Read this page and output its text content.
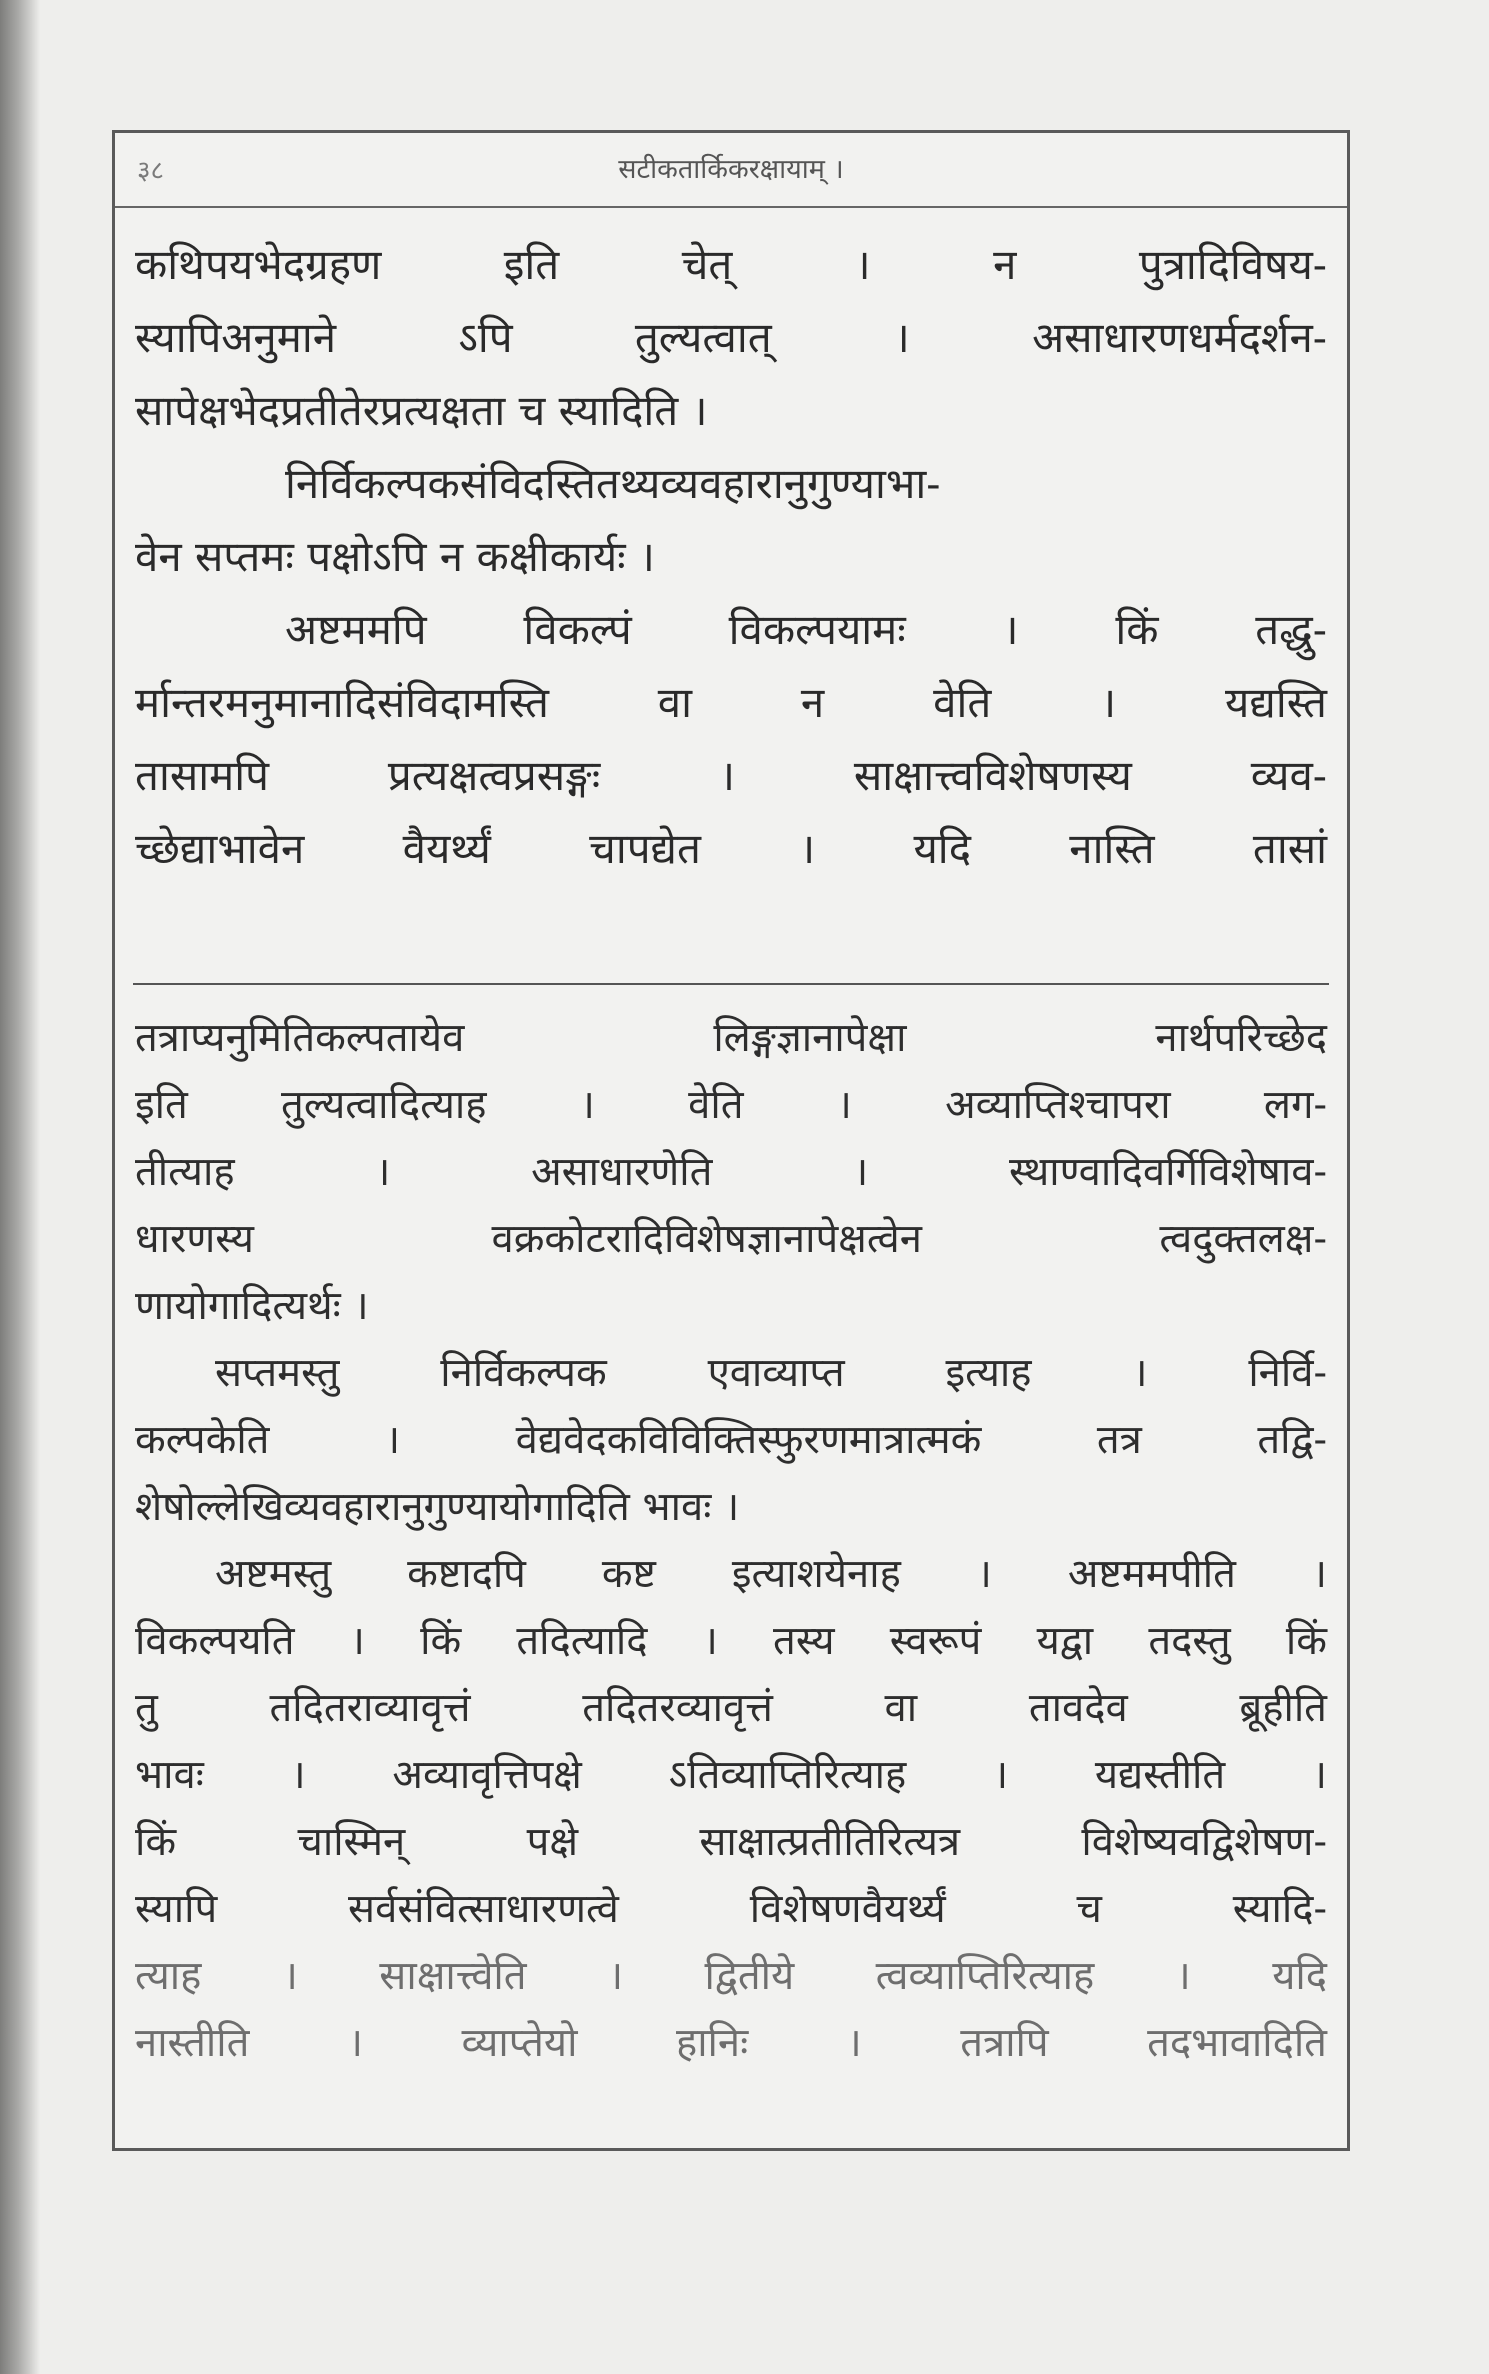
३८	सटीकतार्किकरक्षायाम् ।

कथिपयभेदग्रहण इति चेत् । न पुत्रादिविषय-

स्यापिअनुमाने ऽपि तुल्यत्वात् । असाधारणधर्मदर्शन-

सापेक्षभेदप्रतीतेरप्रत्यक्षता च स्यादिति ।

निर्विकल्पकसंविदस्तितथ्यव्यवहारानुगुण्याभा-

वेन सप्तमः पक्षोऽपि न कक्षीकार्यः ।

अष्टममपि विकल्पं विकल्पयामः । किं तद्धु-

र्मान्तरमनुमानादिसंविदामस्ति वा न वेति । यद्यस्ति

तासामपि प्रत्यक्षत्वप्रसङ्गः । साक्षात्त्वविशेषणस्य व्यव-

च्छेद्याभावेन वैयर्थ्यं चापद्येत । यदि नास्ति तासां

तत्राप्यनुमितिकल्पतायेव लिङ्गज्ञानापेक्षा नार्थपरिच्छेद

इति तुल्यत्वादित्याह । वेति । अव्याप्तिश्चापरा लग-

तीत्याह । असाधारणेति । स्थाण्वादिवर्गिविशेषाव-

धारणस्य वक्रकोटरादिविशेषज्ञानापेक्षत्वेन त्वदुक्तलक्ष-

णायोगादित्यर्थः ।

सप्तमस्तु निर्विकल्पक एवाव्याप्त इत्याह । निर्वि-

कल्पकेति । वेद्यवेदकविविक्तिस्फुरणमात्रात्मकं तत्र तद्वि-

शेषोल्लेखिव्यवहारानुगुण्यायोगादिति भावः ।

अष्टमस्तु कष्टादपि कष्ट इत्याशयेनाह । अष्टममपीति ।

विकल्पयति । किं तदित्यादि । तस्य स्वरूपं यद्वा तदस्तु किं

तु तदितराव्यावृत्तं तदितरव्यावृत्तं वा तावदेव ब्रूहीति

भावः । अव्यावृत्तिपक्षे ऽतिव्याप्तिरित्याह । यद्यस्तीति ।

किं चास्मिन् पक्षे साक्षात्प्रतीतिरित्यत्र विशेष्यवद्विशेषण-

स्यापि सर्वसंवित्साधारणत्वे विशेषणवैयर्थ्यं च स्यादि-

त्याह । साक्षात्त्वेति । द्वितीये त्वव्याप्तिरित्याह । यदि

नास्तीति । व्याप्तेयो हानिः । तत्रापि तदभावादिति
